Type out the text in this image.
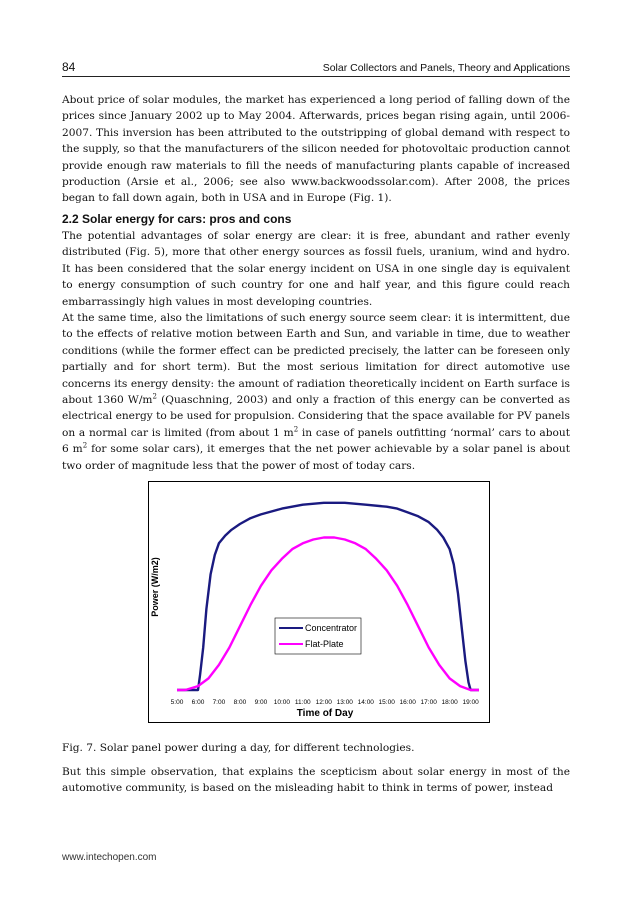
84	Solar Collectors and Panels, Theory and Applications

About price of solar modules, the market has experienced a long period of falling down of the prices since January 2002 up to May 2004. Afterwards, prices began rising again, until 2006-2007. This inversion has been attributed to the outstripping of global demand with respect to the supply, so that the manufacturers of the silicon needed for photovoltaic production cannot provide enough raw materials to fill the needs of manufacturing plants capable of increased production (Arsie et al., 2006; see also www.backwoodssolar.com). After 2008, the prices began to fall down again, both in USA and in Europe (Fig. 1).

2.2 Solar energy for cars: pros and cons

The potential advantages of solar energy are clear: it is free, abundant and rather evenly distributed (Fig. 5), more that other energy sources as fossil fuels, uranium, wind and hydro. It has been considered that the solar energy incident on USA in one single day is equivalent to energy consumption of such country for one and half year, and this figure could reach embarrassingly high values in most developing countries.

At the same time, also the limitations of such energy source seem clear: it is intermittent, due to the effects of relative motion between Earth and Sun, and variable in time, due to weather conditions (while the former effect can be predicted precisely, the latter can be foreseen only partially and for short term). But the most serious limitation for direct automotive use concerns its energy density: the amount of radiation theoretically incident on Earth surface is about 1360 $W/m^2$ (Quaschning, 2003) and only a fraction of this energy can be converted as electrical energy to be used for propulsion. Considering that the space available for PV panels on a normal car is limited (from about 1 $m^2$ in case of panels outfitting ‘normal’ cars to about 6 $m^2$ for some solar cars), it emerges that the net power achievable by a solar panel is about two order of magnitude less that the power of most of today cars.

Power (W/m2)
5:00 6:00 7:00 8:00 9:00 10:00 11:00 12:00 13:00 14:00 15:00 16:00 17:00 18:00 19:00
Time of Day
Concentrator
Flat-Plate

Fig. 7. Solar panel power during a day, for different technologies.

But this simple observation, that explains the scepticism about solar energy in most of the automotive community, is based on the misleading habit to think in terms of power, instead

www.intechopen.com
